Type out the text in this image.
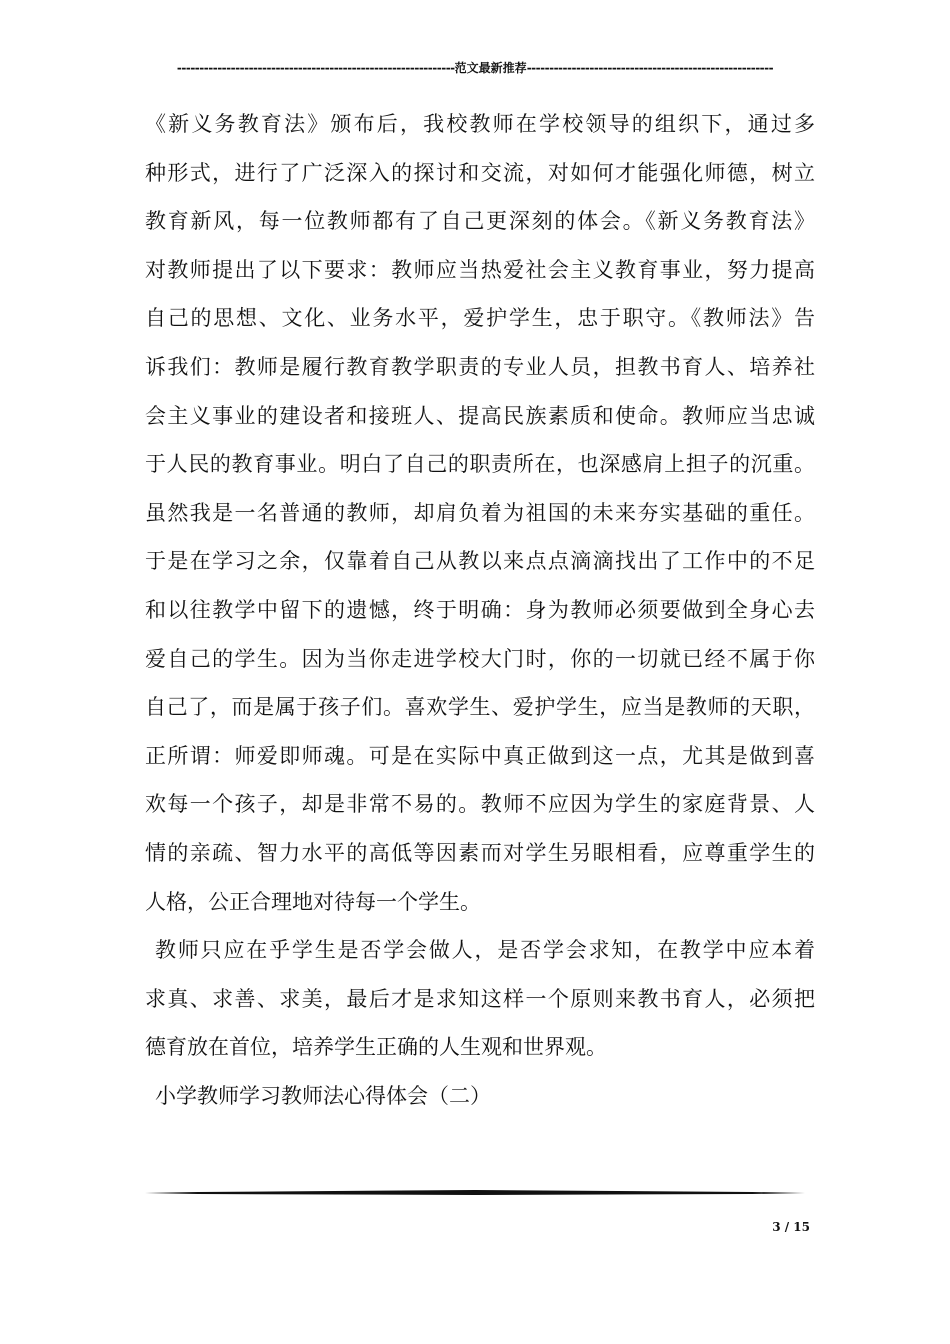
--------------------------------------------------------------范文最新推荐-------------------------------------------------------

《新义务教育法》颁布后，我校教师在学校领导的组织下，通过多
种形式，进行了广泛深入的探讨和交流，对如何才能强化师德，树立
教育新风，每一位教师都有了自己更深刻的体会。《新义务教育法》
对教师提出了以下要求：教师应当热爱社会主义教育事业，努力提高
自己的思想、文化、业务水平，爱护学生，忠于职守。《教师法》告
诉我们：教师是履行教育教学职责的专业人员，担教书育人、培养社
会主义事业的建设者和接班人、提高民族素质和使命。教师应当忠诚
于人民的教育事业。明白了自己的职责所在，也深感肩上担子的沉重。
虽然我是一名普通的教师，却肩负着为祖国的未来夯实基础的重任。
于是在学习之余，仅靠着自己从教以来点点滴滴找出了工作中的不足
和以往教学中留下的遗憾，终于明确：身为教师必须要做到全身心去
爱自己的学生。因为当你走进学校大门时，你的一切就已经不属于你
自己了，而是属于孩子们。喜欢学生、爱护学生，应当是教师的天职，
正所谓：师爱即师魂。可是在实际中真正做到这一点，尤其是做到喜
欢每一个孩子，却是非常不易的。教师不应因为学生的家庭背景、人
情的亲疏、智力水平的高低等因素而对学生另眼相看，应尊重学生的
人格，公正合理地对待每一个学生。

教师只应在乎学生是否学会做人，是否学会求知，在教学中应本着
求真、求善、求美，最后才是求知这样一个原则来教书育人，必须把
德育放在首位，培养学生正确的人生观和世界观。

小学教师学习教师法心得体会（二）

3 / 15
